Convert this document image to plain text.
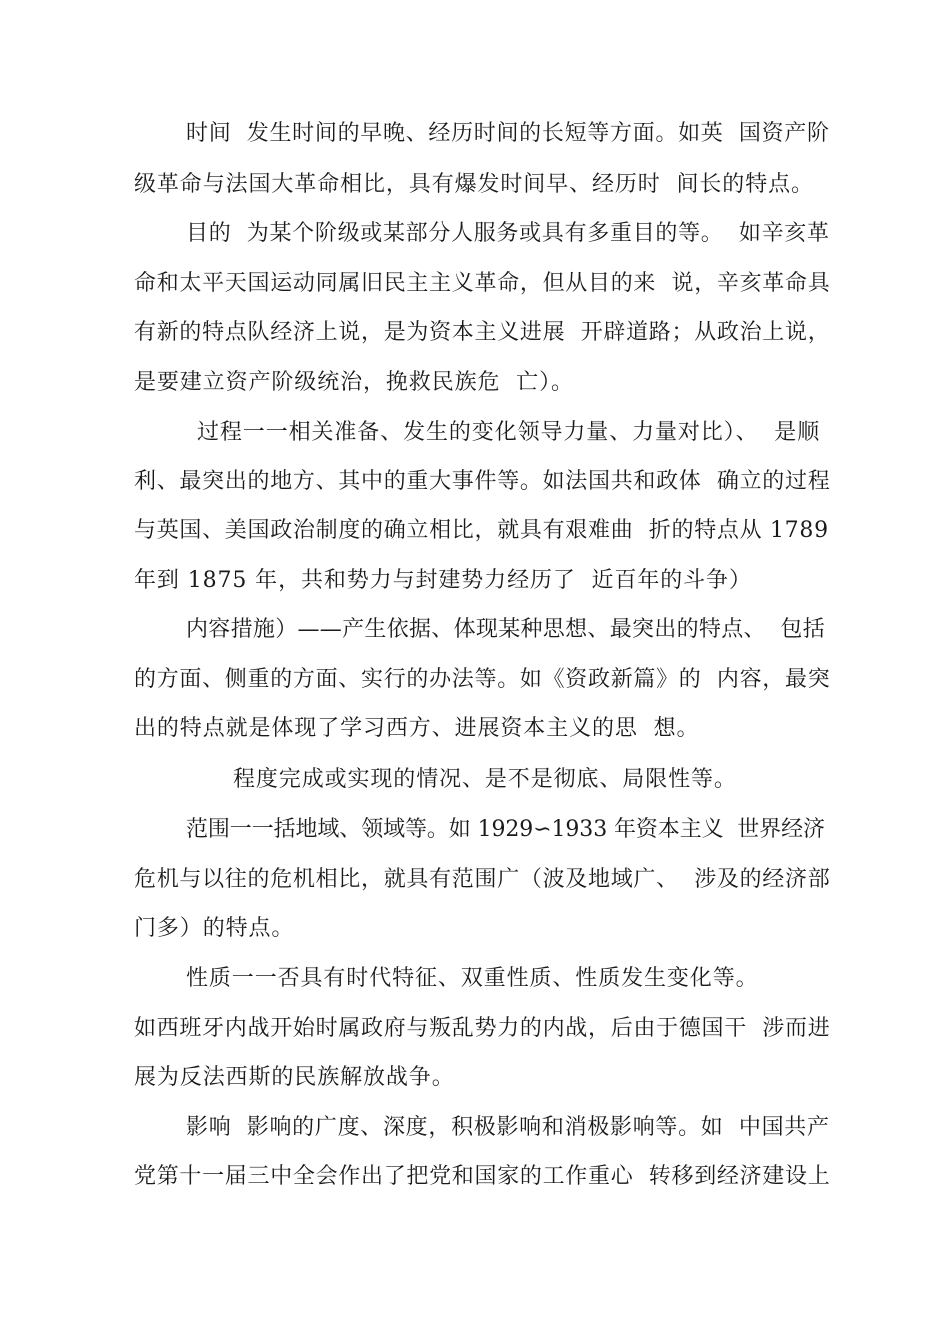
时间  发生时间的早晚、经历时间的长短等方面。如英  国资产阶
级革命与法国大革命相比，具有爆发时间早、经历时  间长的特点。
目的  为某个阶级或某部分人服务或具有多重目的等。  如辛亥革
命和太平天国运动同属旧民主主义革命，但从目的来  说，辛亥革命具
有新的特点队经济上说，是为资本主义进展  开辟道路；从政治上说，
是要建立资产阶级统治，挽救民族危  亡）。
过程一一相关准备、发生的变化领导力量、力量对比）、  是顺
利、最突出的地方、其中的重大事件等。如法国共和政体  确立的过程
与英国、美国政治制度的确立相比，就具有艰难曲  折的特点从 1789
年到 1875 年，共和势力与封建势力经历了  近百年的斗争）
内容措施）——产生依据、体现某种思想、最突出的特点、  包括
的方面、侧重的方面、实行的办法等。如《资政新篇》的  内容，最突
出的特点就是体现了学习西方、进展资本主义的思  想。
程度完成或实现的情况、是不是彻底、局限性等。
范围一一括地域、领域等。如 1929∽1933 年资本主义  世界经济
危机与以往的危机相比，就具有范围广（波及地域广、  涉及的经济部
门多）的特点。
性质一一否具有时代特征、双重性质、性质发生变化等。
如西班牙内战开始时属政府与叛乱势力的内战，后由于德国干  涉而进
展为反法西斯的民族解放战争。
影响  影响的广度、深度，积极影响和消极影响等。如  中国共产
党第十一届三中全会作出了把党和国家的工作重心  转移到经济建设上
